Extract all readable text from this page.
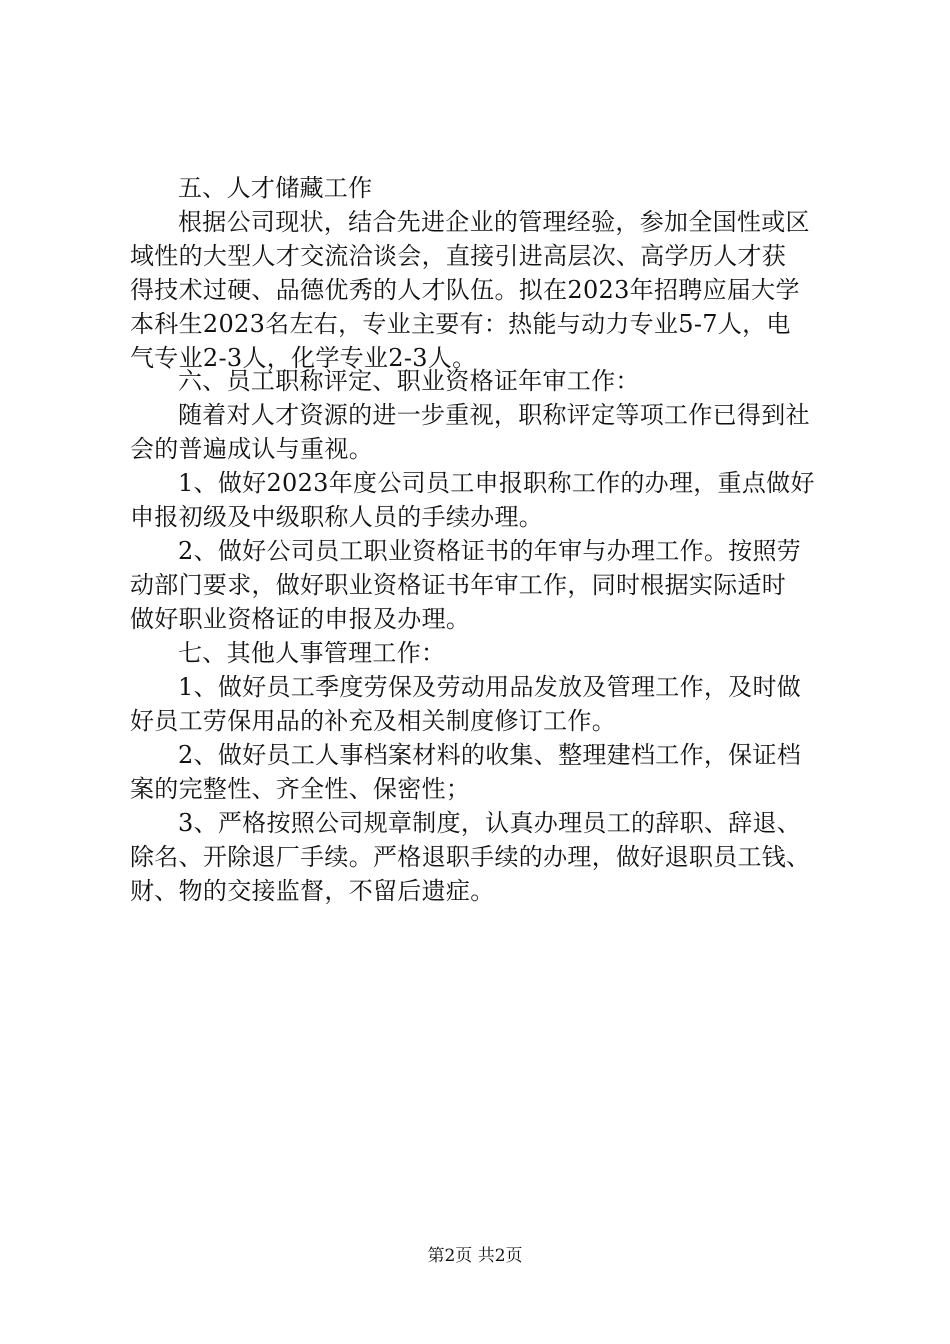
五、人才储藏工作
根据公司现状，结合先进企业的管理经验，参加全国性或区
域性的大型人才交流洽谈会，直接引进高层次、高学历人才获
得技术过硬、品德优秀的人才队伍。拟在2023年招聘应届大学
本科生2023名左右，专业主要有：热能与动力专业5-7人，电
气专业2-3人，化学专业2-3人。
六、员工职称评定、职业资格证年审工作：
随着对人才资源的进一步重视，职称评定等项工作已得到社
会的普遍成认与重视。
1、做好2023年度公司员工申报职称工作的办理，重点做好
申报初级及中级职称人员的手续办理。
2、做好公司员工职业资格证书的年审与办理工作。按照劳
动部门要求，做好职业资格证书年审工作，同时根据实际适时
做好职业资格证的申报及办理。
七、其他人事管理工作：
1、做好员工季度劳保及劳动用品发放及管理工作，及时做
好员工劳保用品的补充及相关制度修订工作。
2、做好员工人事档案材料的收集、整理建档工作，保证档
案的完整性、齐全性、保密性；
3、严格按照公司规章制度，认真办理员工的辞职、辞退、
除名、开除退厂手续。严格退职手续的办理，做好退职员工钱、
财、物的交接监督，不留后遗症。
第2页 共2页
